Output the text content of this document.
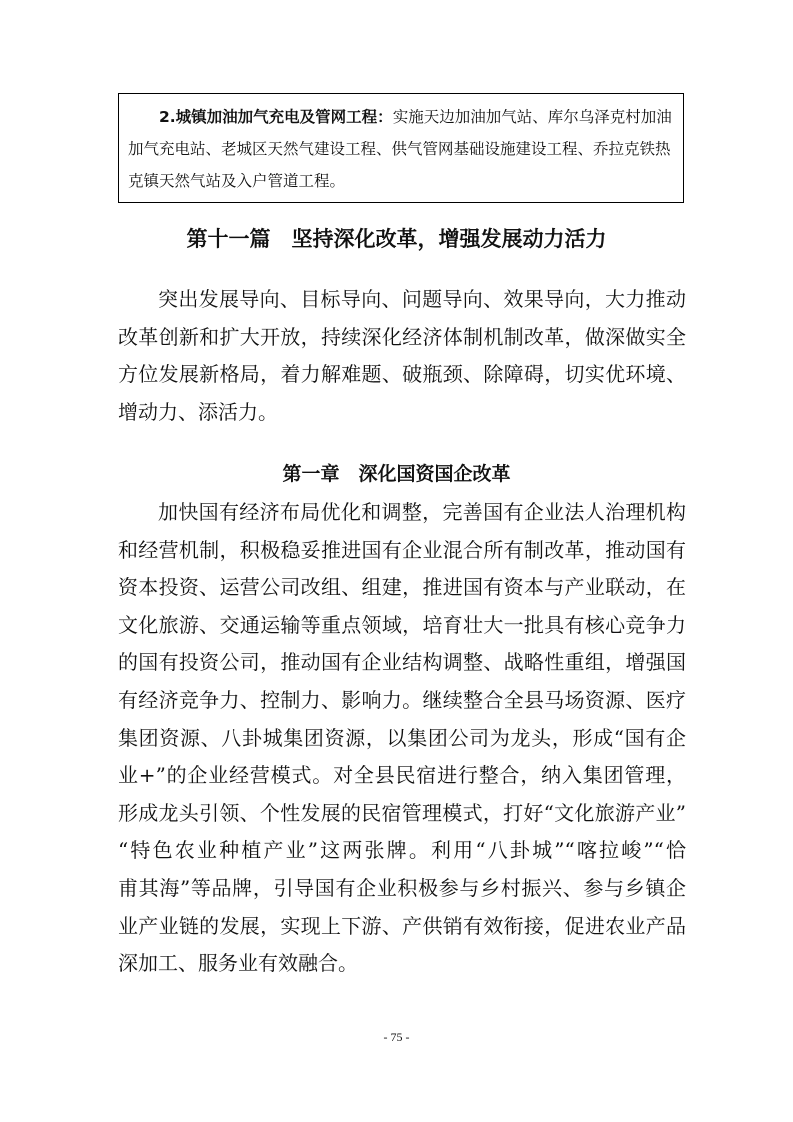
2.城镇加油加气充电及管网工程：实施天边加油加气站、库尔乌泽克村加油

加气充电站、老城区天然气建设工程、供气管网基础设施建设工程、乔拉克铁热

克镇天然气站及入户管道工程。

第十一篇　坚持深化改革，增强发展动力活力
突出发展导向、目标导向、问题导向、效果导向，大力推动
改革创新和扩大开放，持续深化经济体制机制改革，做深做实全
方位发展新格局，着力解难题、破瓶颈、除障碍，切实优环境、
增动力、添活力。
第一章　深化国资国企改革
加快国有经济布局优化和调整，完善国有企业法人治理机构
和经营机制，积极稳妥推进国有企业混合所有制改革，推动国有
资本投资、运营公司改组、组建，推进国有资本与产业联动，在
文化旅游、交通运输等重点领域，培育壮大一批具有核心竞争力
的国有投资公司，推动国有企业结构调整、战略性重组，增强国
有经济竞争力、控制力、影响力。继续整合全县马场资源、医疗
集团资源、八卦城集团资源，以集团公司为龙头，形成“国有企
业+”的企业经营模式。对全县民宿进行整合，纳入集团管理，
形成龙头引领、个性发展的民宿管理模式，打好“文化旅游产业”
“特色农业种植产业”这两张牌。利用“八卦城”“喀拉峻”“恰
甫其海”等品牌，引导国有企业积极参与乡村振兴、参与乡镇企
业产业链的发展，实现上下游、产供销有效衔接，促进农业产品
深加工、服务业有效融合。
- 75 -
